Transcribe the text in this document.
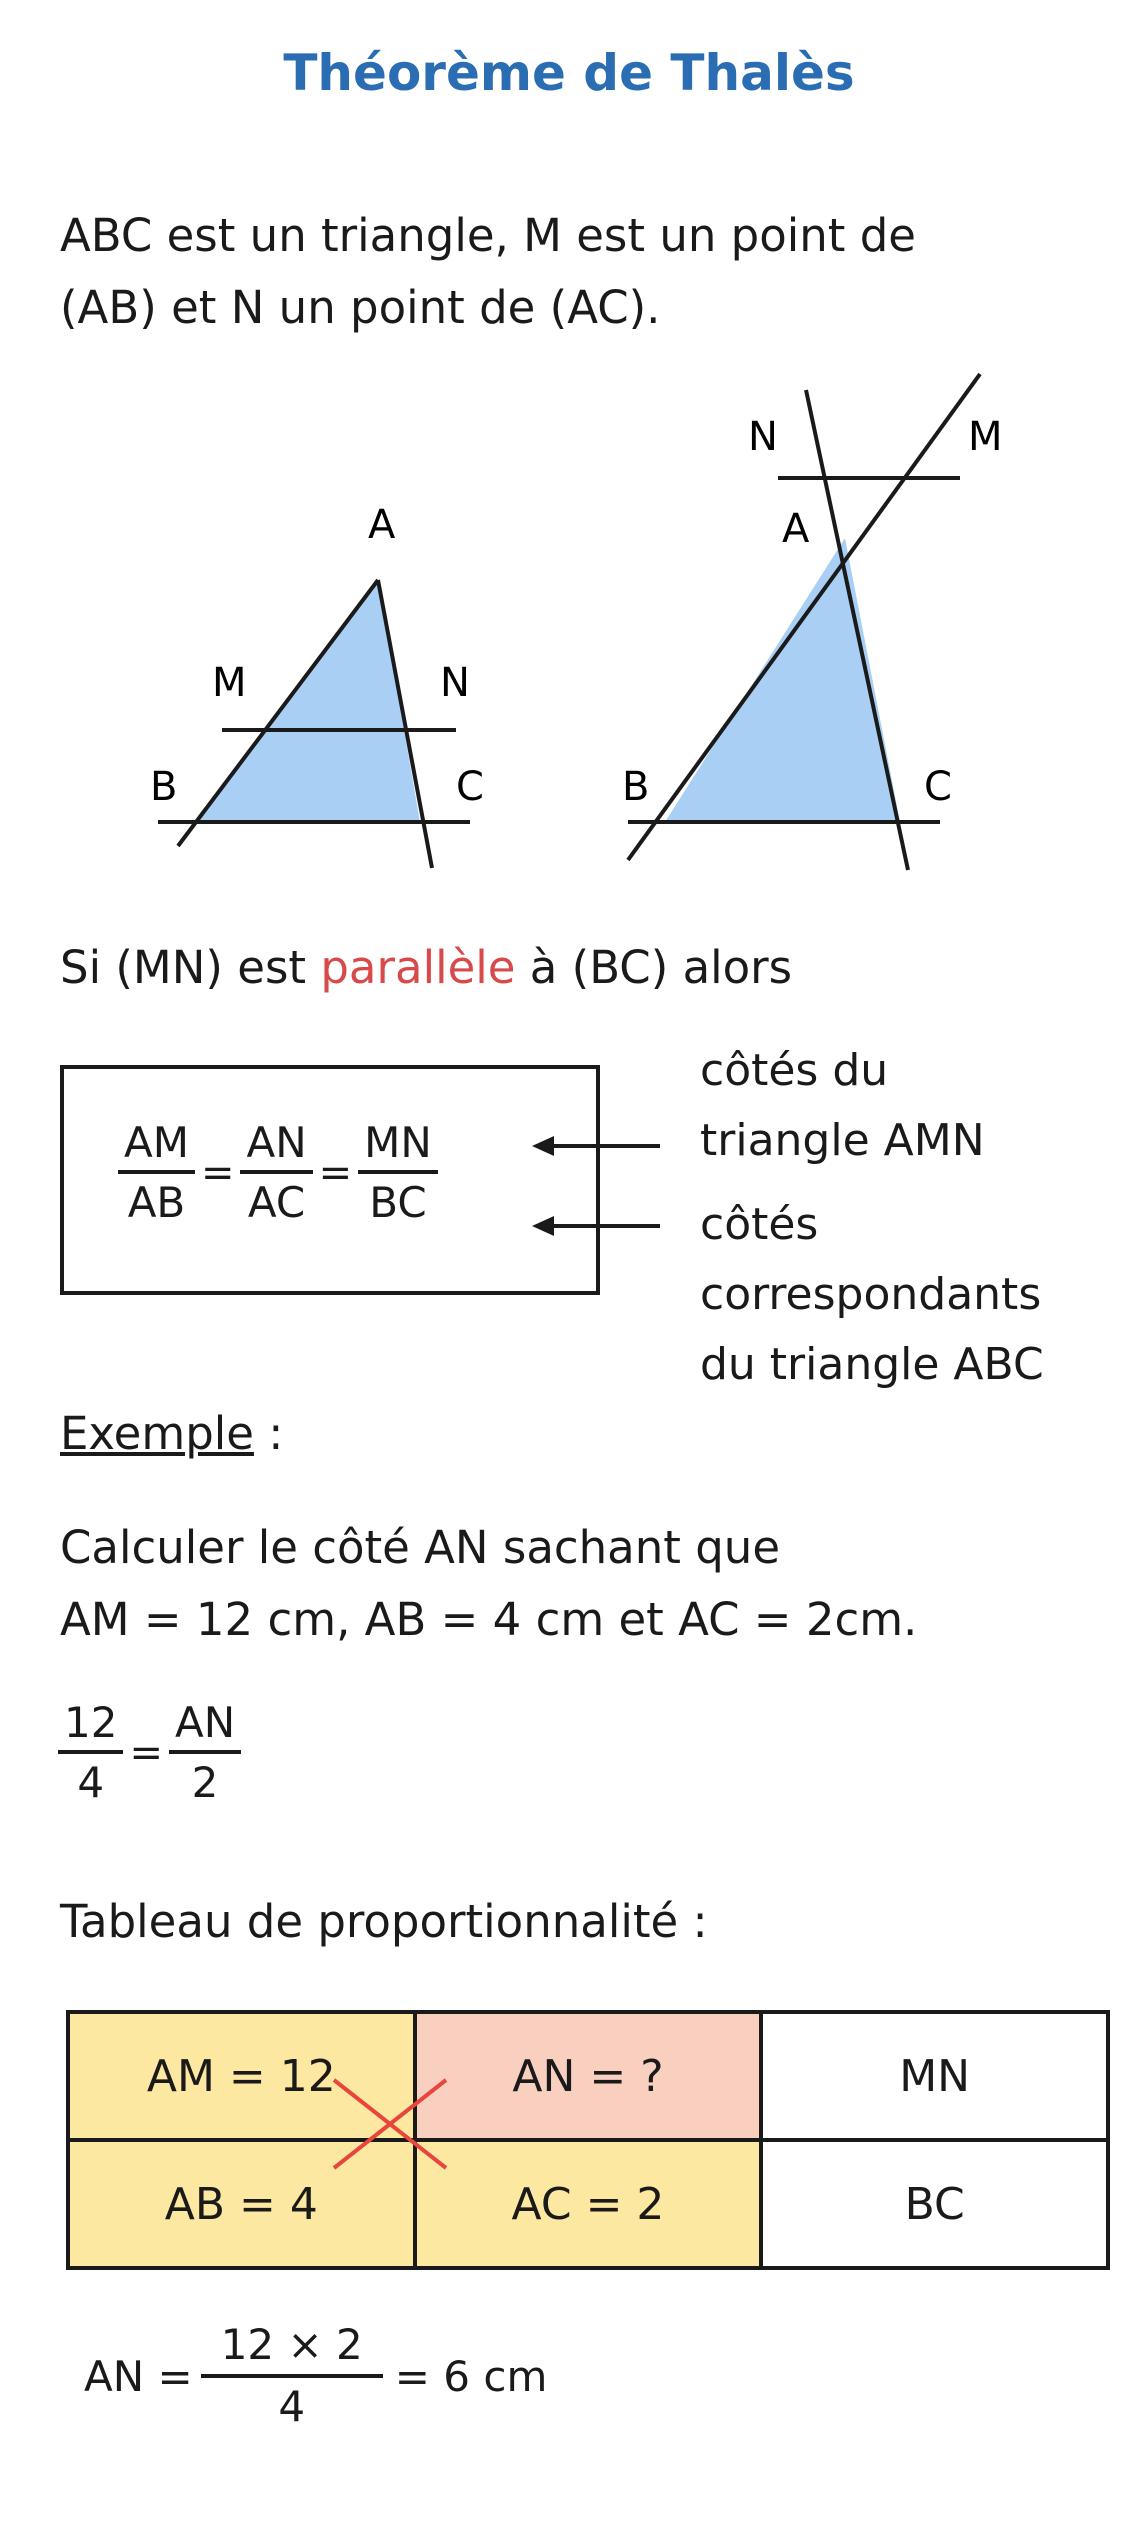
Théorème de Thalès
ABC est un triangle, M est un point de
(AB) et N un point de (AC).
A
M	N
B	C
N	M
A
B	C
Si (MN) est parallèle à (BC) alors
$\frac{AM}{AB} = \frac{AN}{AC} = \frac{MN}{BC}$
côtés du
triangle AMN
côtés
correspondants
du triangle ABC
Exemple :
Calculer le côté AN sachant que
AM = 12 cm, AB = 4 cm et AC = 2cm.
$\frac{12}{4} = \frac{AN}{2}$
Tableau de proportionnalité :
AM = 12	AN = ?	MN
AB = 4	AC = 2	BC
AN = $\frac{12 \times 2}{4} = 6$ cm
